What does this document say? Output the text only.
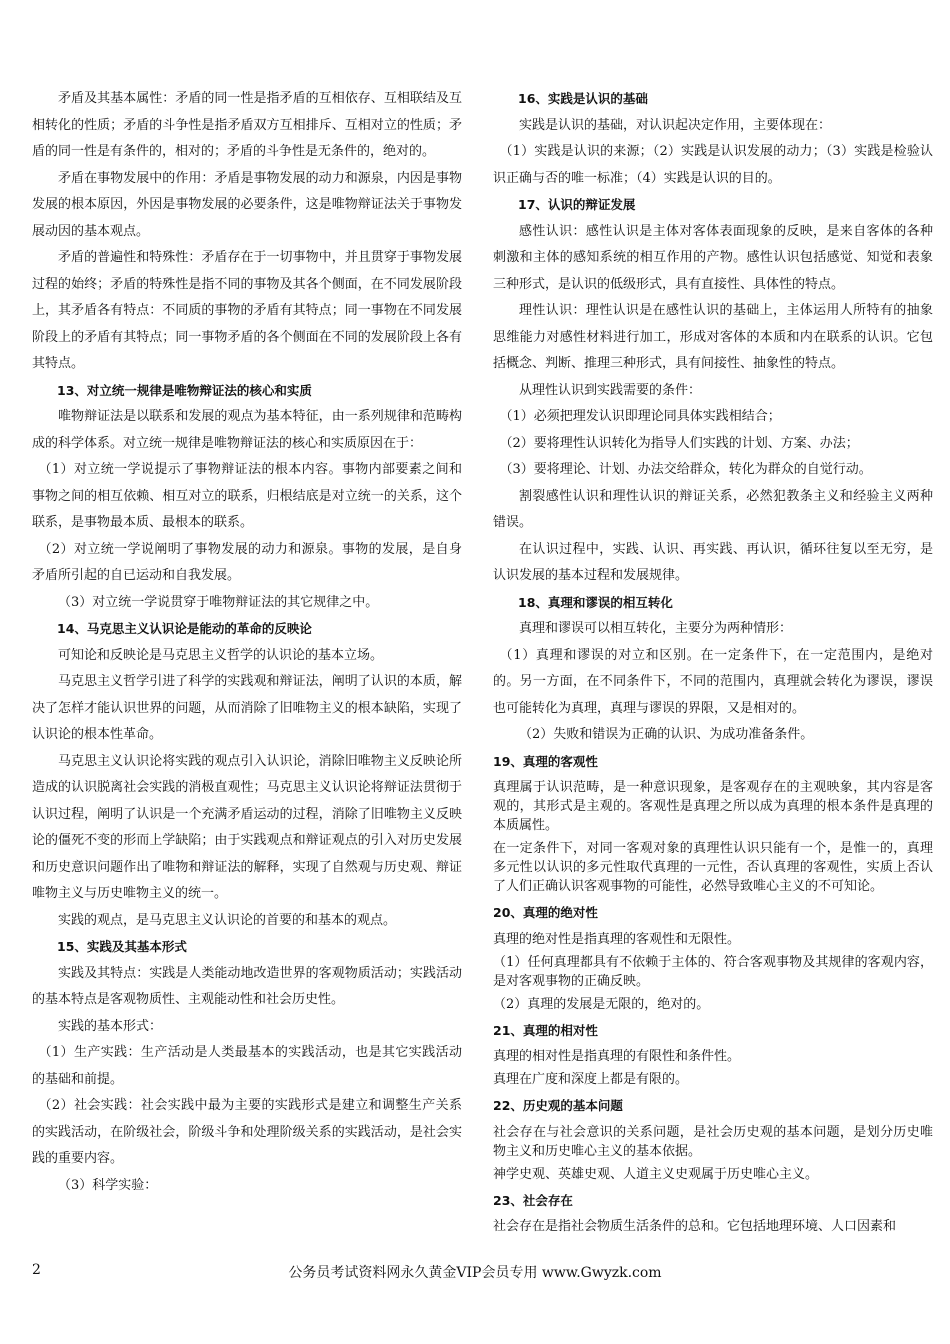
矛盾及其基本属性：矛盾的同一性是指矛盾的互相依存、互相联结及互相转化的性质；矛盾的斗争性是指矛盾双方互相排斥、互相对立的性质；矛盾的同一性是有条件的，相对的；矛盾的斗争性是无条件的，绝对的。
矛盾在事物发展中的作用：矛盾是事物发展的动力和源泉，内因是事物发展的根本原因，外因是事物发展的必要条件，这是唯物辩证法关于事物发展动因的基本观点。
矛盾的普遍性和特殊性：矛盾存在于一切事物中，并且贯穿于事物发展过程的始终；矛盾的特殊性是指不同的事物及其各个侧面，在不同发展阶段上，其矛盾各有特点：不同质的事物的矛盾有其特点；同一事物在不同发展阶段上的矛盾有其特点；同一事物矛盾的各个侧面在不同的发展阶段上各有其特点。
13、对立统一规律是唯物辩证法的核心和实质
唯物辩证法是以联系和发展的观点为基本特征，由一系列规律和范畴构成的科学体系。对立统一规律是唯物辩证法的核心和实质原因在于：
（1）对立统一学说提示了事物辩证法的根本内容。事物内部要素之间和事物之间的相互依赖、相互对立的联系，归根结底是对立统一的关系，这个联系，是事物最本质、最根本的联系。
（2）对立统一学说阐明了事物发展的动力和源泉。事物的发展，是自身矛盾所引起的自已运动和自我发展。
（3）对立统一学说贯穿于唯物辩证法的其它规律之中。
14、马克思主义认识论是能动的革命的反映论
可知论和反映论是马克思主义哲学的认识论的基本立场。
马克思主义哲学引进了科学的实践观和辩证法，阐明了认识的本质，解决了怎样才能认识世界的问题，从而消除了旧唯物主义的根本缺陷，实现了认识论的根本性革命。
马克思主义认识论将实践的观点引入认识论，消除旧唯物主义反映论所造成的认识脱离社会实践的消极直观性；马克思主义认识论将辩证法贯彻于认识过程，阐明了认识是一个充满矛盾运动的过程，消除了旧唯物主义反映论的僵死不变的形而上学缺陷；由于实践观点和辩证观点的引入对历史发展和历史意识问题作出了唯物和辩证法的解释，实现了自然观与历史观、辩证唯物主义与历史唯物主义的统一。
实践的观点，是马克思主义认识论的首要的和基本的观点。
15、实践及其基本形式
实践及其特点：实践是人类能动地改造世界的客观物质活动；实践活动的基本特点是客观物质性、主观能动性和社会历史性。
实践的基本形式：
（1）生产实践：生产活动是人类最基本的实践活动，也是其它实践活动的基础和前提。
（2）社会实践：社会实践中最为主要的实践形式是建立和调整生产关系的实践活动，在阶级社会，阶级斗争和处理阶级关系的实践活动，是社会实践的重要内容。
（3）科学实验：
16、实践是认识的基础
实践是认识的基础，对认识起决定作用，主要体现在：
（1）实践是认识的来源；（2）实践是认识发展的动力；（3）实践是检验认识正确与否的唯一标准；（4）实践是认识的目的。
17、认识的辩证发展
感性认识：感性认识是主体对客体表面现象的反映，是来自客体的各种刺激和主体的感知系统的相互作用的产物。感性认识包括感觉、知觉和表象三种形式，是认识的低级形式，具有直接性、具体性的特点。
理性认识：理性认识是在感性认识的基础上，主体运用人所特有的抽象思维能力对感性材料进行加工，形成对客体的本质和内在联系的认识。它包括概念、判断、推理三种形式，具有间接性、抽象性的特点。
从理性认识到实践需要的条件：
（1）必须把理发认识即理论同具体实践相结合；
（2）要将理性认识转化为指导人们实践的计划、方案、办法；
（3）要将理论、计划、办法交给群众，转化为群众的自觉行动。
割裂感性认识和理性认识的辩证关系，必然犯教条主义和经验主义两种错误。
在认识过程中，实践、认识、再实践、再认识，循环往复以至无穷，是认识发展的基本过程和发展规律。
18、真理和谬误的相互转化
真理和谬误可以相互转化，主要分为两种情形：
（1）真理和谬误的对立和区别。在一定条件下，在一定范围内，是绝对的。另一方面，在不同条件下，不同的范围内，真理就会转化为谬误，谬误也可能转化为真理，真理与谬误的界限，又是相对的。
（2）失败和错误为正确的认识、为成功准备条件。
19、真理的客观性
真理属于认识范畴，是一种意识现象，是客观存在的主观映象，其内容是客观的，其形式是主观的。客观性是真理之所以成为真理的根本条件是真理的本质属性。
在一定条件下，对同一客观对象的真理性认识只能有一个，是惟一的，真理多元性以认识的多元性取代真理的一元性，否认真理的客观性，实质上否认了人们正确认识客观事物的可能性，必然导致唯心主义的不可知论。
20、真理的绝对性
真理的绝对性是指真理的客观性和无限性。
（1）任何真理都具有不依赖于主体的、符合客观事物及其规律的客观内容，是对客观事物的正确反映。
（2）真理的发展是无限的，绝对的。
21、真理的相对性
真理的相对性是指真理的有限性和条件性。
真理在广度和深度上都是有限的。
22、历史观的基本问题
社会存在与社会意识的关系问题，是社会历史观的基本问题，是划分历史唯物主义和历史唯心主义的基本依据。
神学史观、英雄史观、人道主义史观属于历史唯心主义。
23、社会存在
社会存在是指社会物质生活条件的总和。它包括地理环境、人口因素和
2	公务员考试资料网永久黄金VIP会员专用 www.Gwyzk.com
